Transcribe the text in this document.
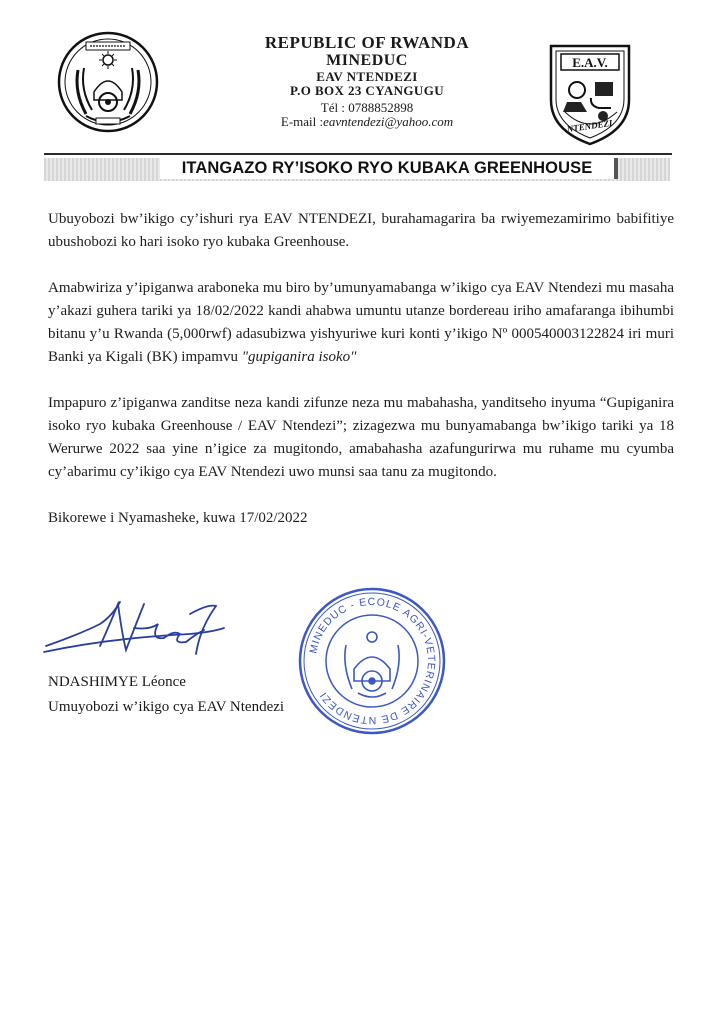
REPUBLIC OF RWANDA
MINEDUC
EAV NTENDEZI
P.O BOX 23 CYANGUGU
Tél : 0788852898
E-mail :eavntendezi@yahoo.com
E.A.V.
NTENDEZI
ITANGAZO RY’ISOKO RYO KUBAKA GREENHOUSE

Ubuyobozi bw’ikigo cy’ishuri rya EAV NTENDEZI, burahamagarira ba rwiyemezamirimo babifitiye ubushobozi ko hari isoko ryo kubaka Greenhouse.

Amabwiriza y’ipiganwa araboneka mu biro by’umunyamabanga w’ikigo cya EAV Ntendezi mu masaha y’akazi guhera tariki ya 18/02/2022 kandi ahabwa umuntu utanze bordereau iriho amafaranga ibihumbi bitanu y’u Rwanda (5,000rwf) adasubizwa yishyuriwe kuri konti y’ikigo Nº 000540003122824 iri muri Banki ya Kigali (BK) impamvu "gupiganira isoko"

Impapuro z’ipiganwa zanditse neza kandi zifunze neza mu mabahasha, yanditseho inyuma “Gupiganira isoko ryo kubaka Greenhouse / EAV Ntendezi”; zizagezwa mu bunyamabanga bw’ikigo tariki ya 18 Werurwe 2022 saa yine n’igice za mugitondo, amabahasha azafungurirwa mu ruhame mu cyumba cy’abarimu cy’ikigo cya EAV Ntendezi uwo munsi saa tanu za mugitondo.

Bikorewe i Nyamasheke, kuwa 17/02/2022

MINEDUC - ECOLE AGRI-VETERINAIRE DE NTENDEZI
NDASHIMYE Léonce
Umuyobozi w’ikigo cya EAV Ntendezi
